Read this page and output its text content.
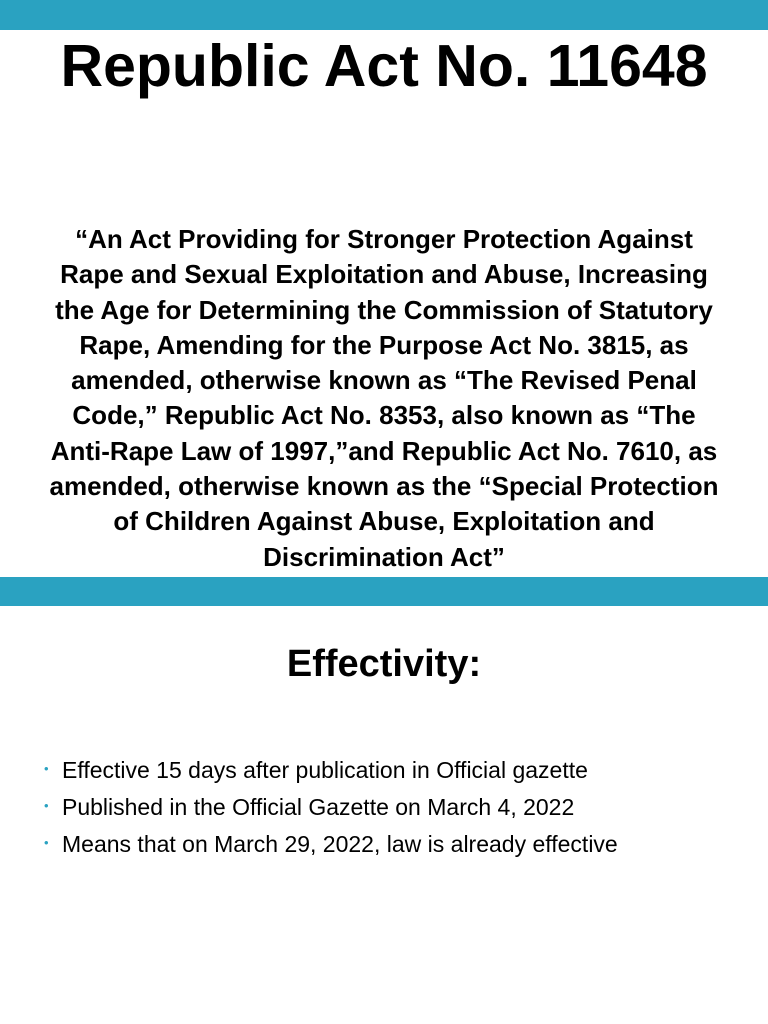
Republic Act No. 11648

“An Act Providing for Stronger Protection Against Rape and Sexual Exploitation and Abuse, Increasing the Age for Determining the Commission of Statutory Rape, Amending for the Purpose Act No. 3815, as amended, otherwise known as “The Revised Penal Code,” Republic Act No. 8353, also known as “The Anti-Rape Law of 1997,”and Republic Act No. 7610, as amended, otherwise known as the “Special Protection of Children Against Abuse, Exploitation and Discrimination Act”

Effectivity:
• Effective 15 days after publication in Official gazette
• Published in the Official Gazette on March 4, 2022
• Means that on March 29, 2022, law is already effective
